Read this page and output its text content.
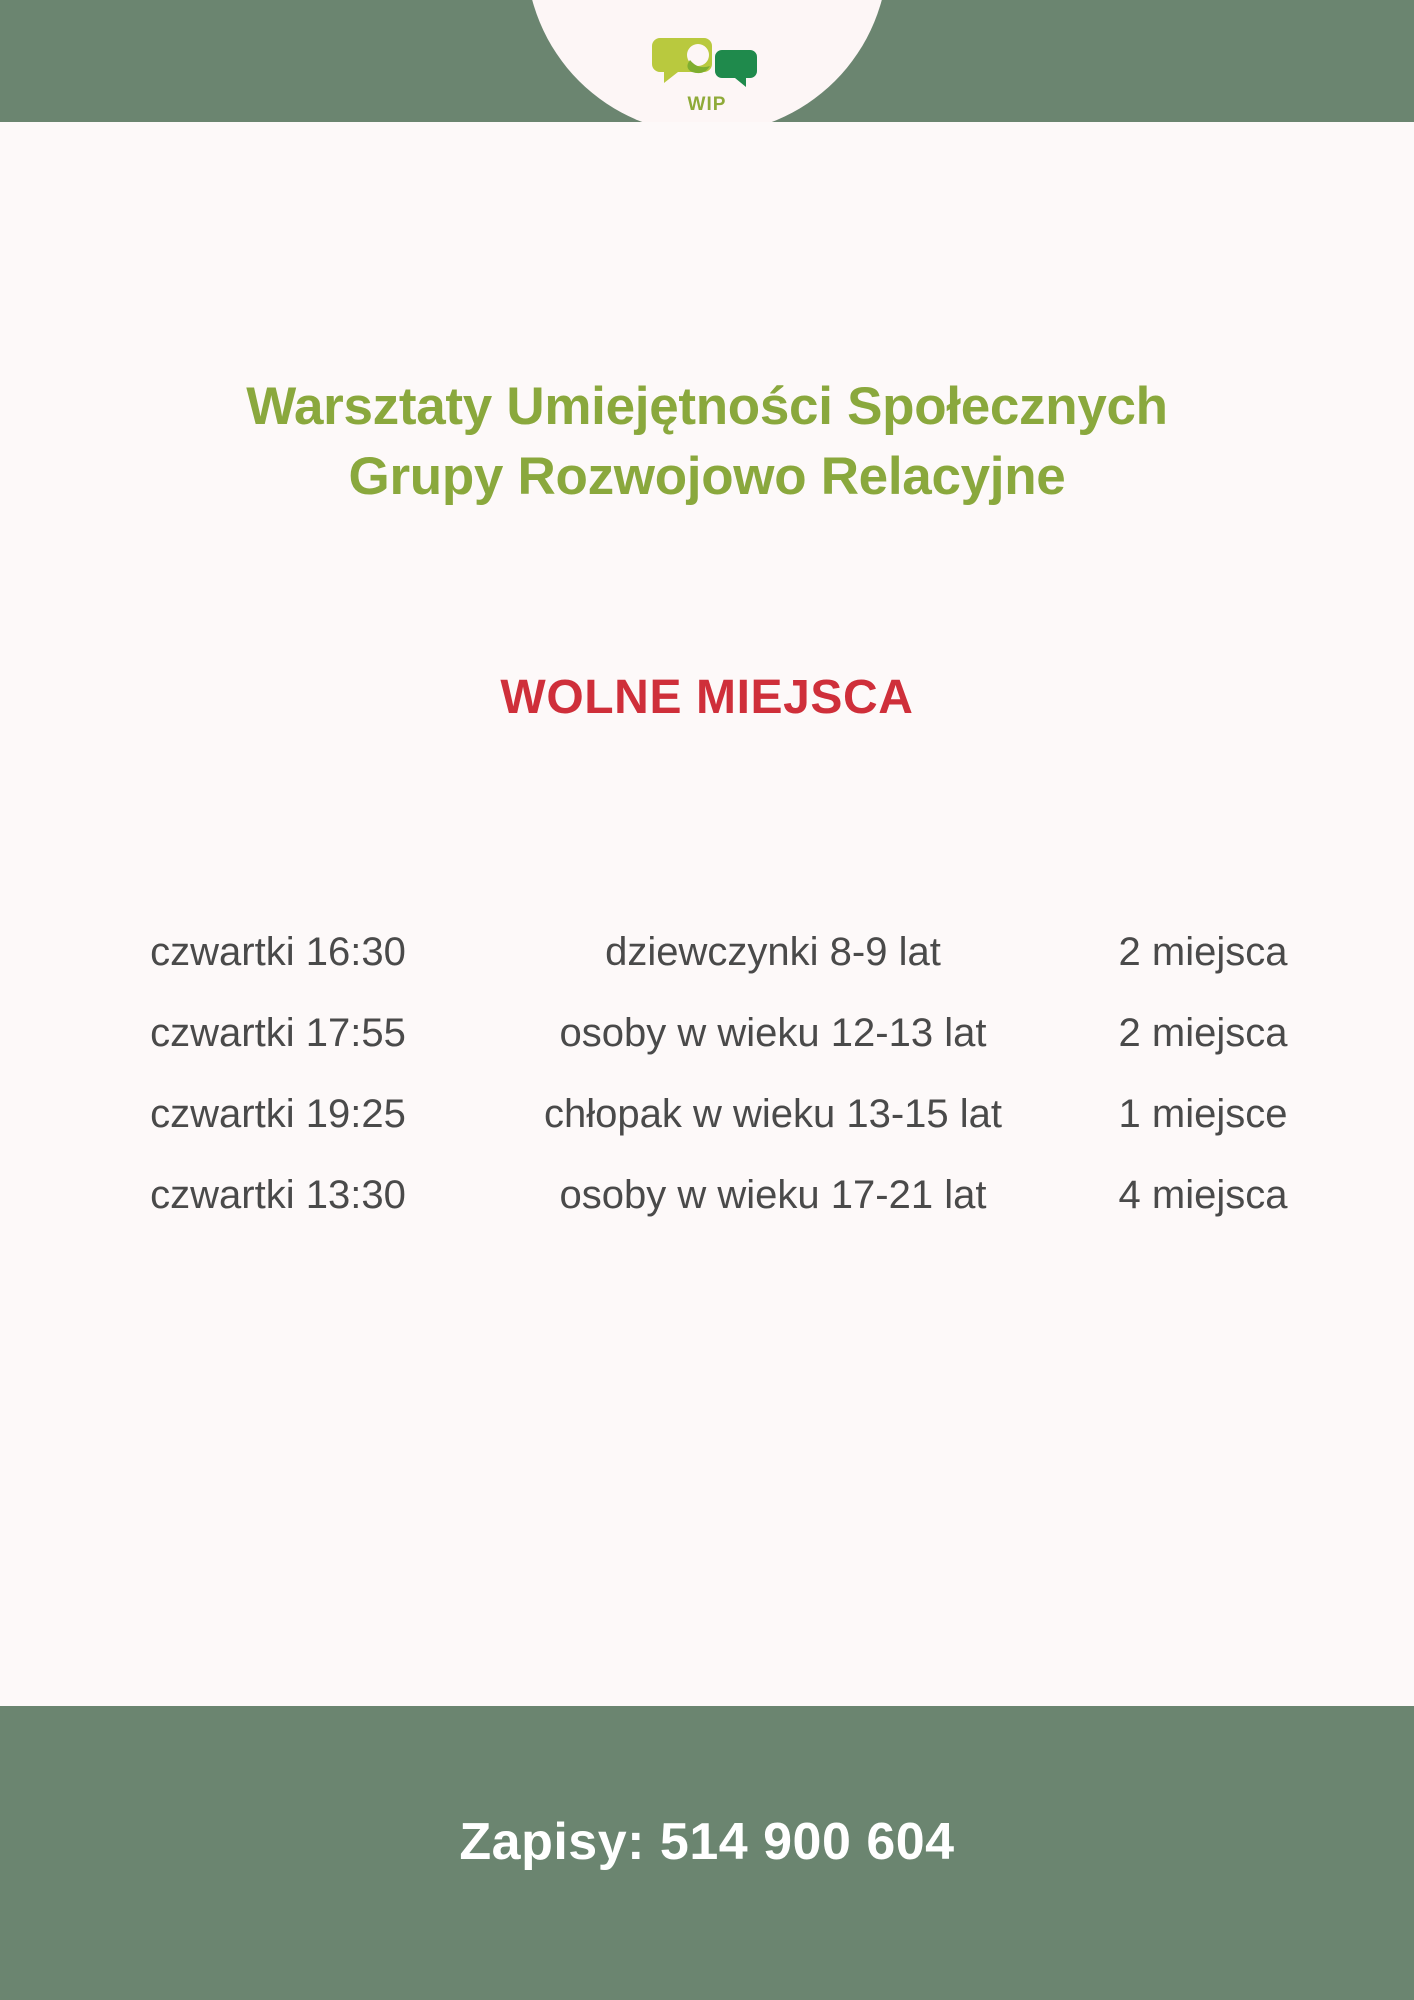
WIP
Warsztaty Umiejętności Społecznych
Grupy Rozwojowo Relacyjne
WOLNE MIEJSCA
czwartki 16:30	dziewczynki 8-9 lat	2 miejsca
czwartki 17:55	osoby w wieku 12-13 lat	2 miejsca
czwartki 19:25	chłopak w wieku 13-15 lat	1 miejsce
czwartki 13:30	osoby w wieku 17-21 lat	4 miejsca
Zapisy: 514 900 604
